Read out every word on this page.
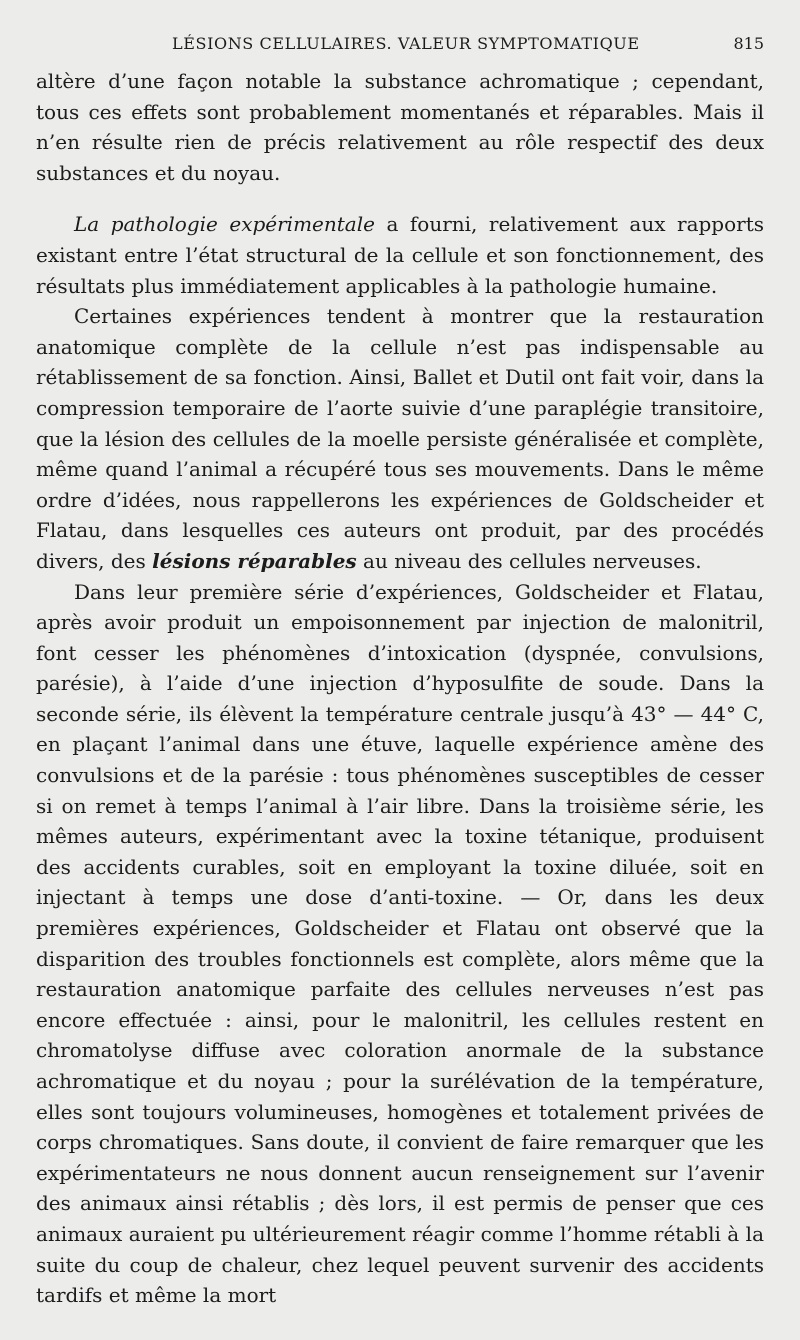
LÉSIONS CELLULAIRES. VALEUR SYMPTOMATIQUE	815

altère d’une façon notable la substance achromatique ; cependant, tous ces effets sont probablement momentanés et réparables. Mais il n’en résulte rien de précis relativement au rôle respectif des deux substances et du noyau.

La pathologie expérimentale a fourni, relativement aux rapports existant entre l’état structural de la cellule et son fonctionnement, des résultats plus immédiatement applicables à la pathologie humaine.

Certaines expériences tendent à montrer que la restauration anatomique complète de la cellule n’est pas indispensable au rétablissement de sa fonction. Ainsi, Ballet et Dutil ont fait voir, dans la compression temporaire de l’aorte suivie d’une paraplégie transitoire, que la lésion des cellules de la moelle persiste généralisée et complète, même quand l’animal a récupéré tous ses mouvements. Dans le même ordre d’idées, nous rappellerons les expériences de Goldscheider et Flatau, dans lesquelles ces auteurs ont produit, par des procédés divers, des lésions réparables au niveau des cellules nerveuses.

Dans leur première série d’expériences, Goldscheider et Flatau, après avoir produit un empoisonnement par injection de malonitril, font cesser les phénomènes d’intoxication (dyspnée, convulsions, parésie), à l’aide d’une injection d’hyposulfite de soude. Dans la seconde série, ils élèvent la température centrale jusqu’à 43° — 44° C, en plaçant l’animal dans une étuve, laquelle expérience amène des convulsions et de la parésie : tous phénomènes susceptibles de cesser si on remet à temps l’animal à l’air libre. Dans la troisième série, les mêmes auteurs, expérimentant avec la toxine tétanique, produisent des accidents curables, soit en employant la toxine diluée, soit en injectant à temps une dose d’anti-toxine. — Or, dans les deux premières expériences, Goldscheider et Flatau ont observé que la disparition des troubles fonctionnels est complète, alors même que la restauration anatomique parfaite des cellules nerveuses n’est pas encore effectuée : ainsi, pour le malonitril, les cellules restent en chromatolyse diffuse avec coloration anormale de la substance achromatique et du noyau ; pour la surélévation de la température, elles sont toujours volumineuses, homogènes et totalement privées de corps chromatiques. Sans doute, il convient de faire remarquer que les expérimentateurs ne nous donnent aucun renseignement sur l’avenir des animaux ainsi rétablis ; dès lors, il est permis de penser que ces animaux auraient pu ultérieurement réagir comme l’homme rétabli à la suite du coup de chaleur, chez lequel peuvent survenir des accidents tardifs et même la mort
